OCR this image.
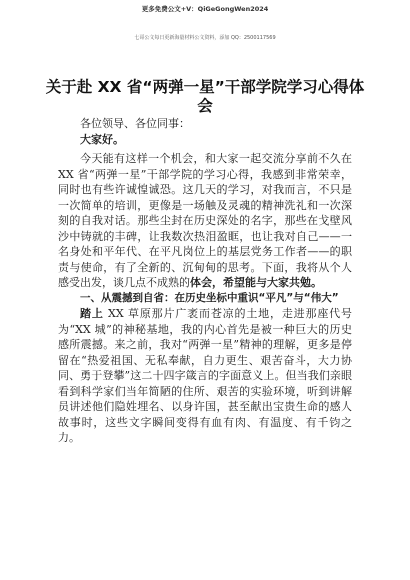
更多免费公文+V：QiGeGongWen2024
七哥公文每日更新海量材料公文资料，添加 QQ：2500117569
关于赴 XX 省“两弹一星”干部学院学习心得体会

各位领导、各位同事：

大家好。

今天能有这样一个机会，和大家一起交流分享前不久在 XX 省“两弹一星”干部学院的学习心得，我感到非常荣幸，同时也有些许诚惶诚恐。这几天的学习，对我而言，不只是一次简单的培训，更像是一场触及灵魂的精神洗礼和一次深刻的自我对话。那些尘封在历史深处的名字，那些在戈壁风沙中铸就的丰碑，让我数次热泪盈眶，也让我对自己——一名身处和平年代、在平凡岗位上的基层党务工作者——的职责与使命，有了全新的、沉甸甸的思考。下面，我将从个人感受出发，谈几点不成熟的体会，希望能与大家共勉。

一、从震撼到自省：在历史坐标中重识“平凡”与“伟大”

踏上 XX 草原那片广袤而苍凉的土地，走进那座代号为“XX 城”的神秘基地，我的内心首先是被一种巨大的历史感所震撼。来之前，我对“两弹一星”精神的理解，更多是停留在“热爱祖国、无私奉献，自力更生、艰苦奋斗，大力协同、勇于登攀”这二十四字箴言的字面意义上。但当我们亲眼看到科学家们当年简陋的住所、艰苦的实验环境，听到讲解员讲述他们隐姓埋名、以身许国，甚至献出宝贵生命的感人故事时，这些文字瞬间变得有血有肉、有温度、有千钧之力。
